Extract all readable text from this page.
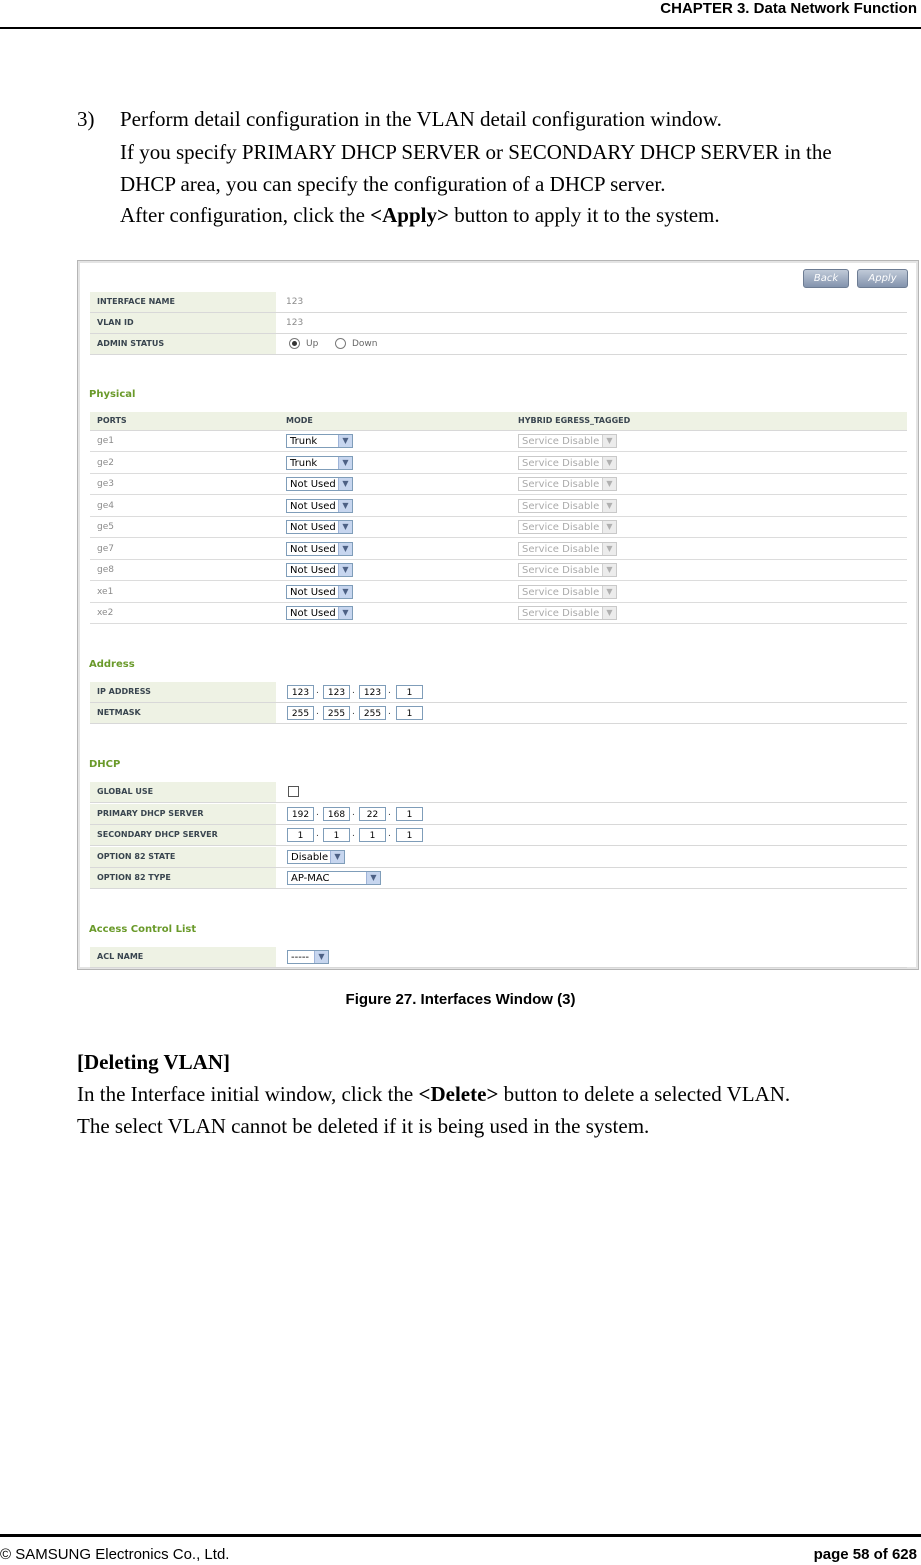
CHAPTER 3. Data Network Function
3) Perform detail configuration in the VLAN detail configuration window.
If you specify PRIMARY DHCP SERVER or SECONDARY DHCP SERVER in the
DHCP area, you can specify the configuration of a DHCP server.
After configuration, click the <Apply> button to apply it to the system.
Back	Apply
INTERFACE NAME	123
VLAN ID	123
ADMIN STATUS	Up	Down
Physical
PORTS	MODE	HYBRID EGRESS_TAGGED
ge1	Trunk	▼	Service Disable ▼
ge2	Trunk	▼	Service Disable ▼
ge3	Not Used ▼	Service Disable ▼
ge4	Not Used ▼	Service Disable ▼
ge5	Not Used ▼	Service Disable ▼
ge7	Not Used ▼	Service Disable ▼
ge8	Not Used ▼	Service Disable ▼
xe1	Not Used ▼	Service Disable ▼
xe2	Not Used ▼	Service Disable ▼
Address
IP ADDRESS	123 .	123 .	123 .	1
NETMASK	255 .	255 .	255 .	1
DHCP
GLOBAL USE
PRIMARY DHCP SERVER	192 .	168 .	22	.	1
SECONDARY DHCP SERVER	1	.	1	.	1	.	1
OPTION 82 STATE	Disable ▼
OPTION 82 TYPE	AP-MAC	▼
Access Control List
ACL NAME	-----	▼
Figure 27. Interfaces Window (3)
[Deleting VLAN]
In the Interface initial window, click the <Delete> button to delete a selected VLAN.
The select VLAN cannot be deleted if it is being used in the system.
© SAMSUNG Electronics Co., Ltd.	page 58 of 628
